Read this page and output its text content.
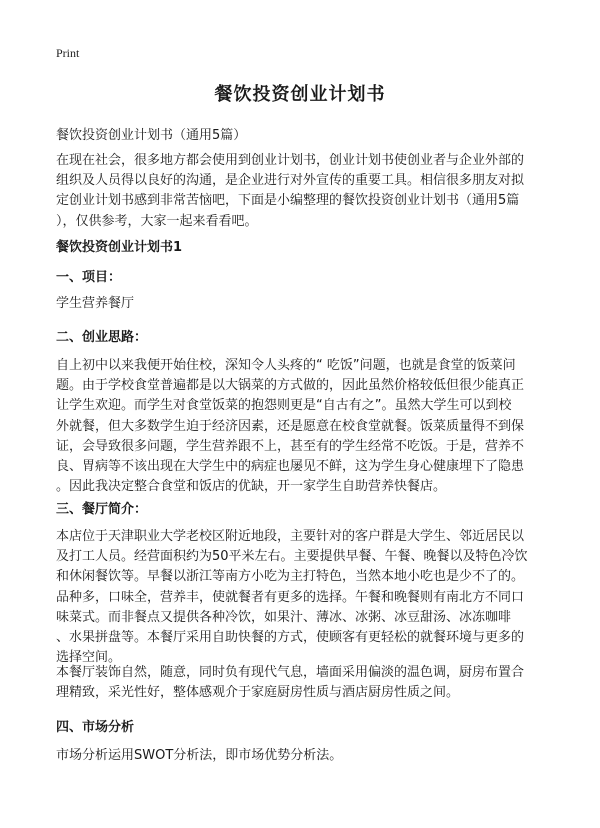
Print
餐饮投资创业计划书
餐饮投资创业计划书（通用5篇）
在现在社会，很多地方都会使用到创业计划书，创业计划书使创业者与企业外部的
组织及人员得以良好的沟通，是企业进行对外宣传的重要工具。相信很多朋友对拟
定创业计划书感到非常苦恼吧，下面是小编整理的餐饮投资创业计划书（通用5篇
），仅供参考，大家一起来看看吧。
餐饮投资创业计划书1
一、项目：
学生营养餐厅
二、创业思路：
自上初中以来我便开始住校，深知令人头疼的“ 吃饭”问题，也就是食堂的饭菜问
题。由于学校食堂普遍都是以大锅菜的方式做的，因此虽然价格较低但很少能真正
让学生欢迎。而学生对食堂饭菜的抱怨则更是“自古有之”。虽然大学生可以到校
外就餐，但大多数学生迫于经济因素，还是愿意在校食堂就餐。饭菜质量得不到保
证，会导致很多问题，学生营养跟不上，甚至有的学生经常不吃饭。于是，营养不
良、胃病等不该出现在大学生中的病症也屡见不鲜，这为学生身心健康埋下了隐患
。因此我决定整合食堂和饭店的优缺，开一家学生自助营养快餐店。
三、餐厅简介：
本店位于天津职业大学老校区附近地段，主要针对的客户群是大学生、邻近居民以
及打工人员。经营面积约为50平米左右。主要提供早餐、午餐、晚餐以及特色冷饮
和休闲餐饮等。早餐以浙江等南方小吃为主打特色，当然本地小吃也是少不了的。
品种多，口味全，营养丰，使就餐者有更多的选择。午餐和晚餐则有南北方不同口
味菜式。而非餐点又提供各种冷饮，如果汁、薄冰、冰粥、冰豆甜汤、冰冻咖啡
、水果拼盘等。本餐厅采用自助快餐的方式，使顾客有更轻松的就餐环境与更多的
选择空间。
本餐厅装饰自然，随意，同时负有现代气息，墙面采用偏淡的温色调，厨房布置合
理精致，采光性好，整体感观介于家庭厨房性质与酒店厨房性质之间。
四、市场分析
市场分析运用SWOT分析法，即市场优势分析法。
